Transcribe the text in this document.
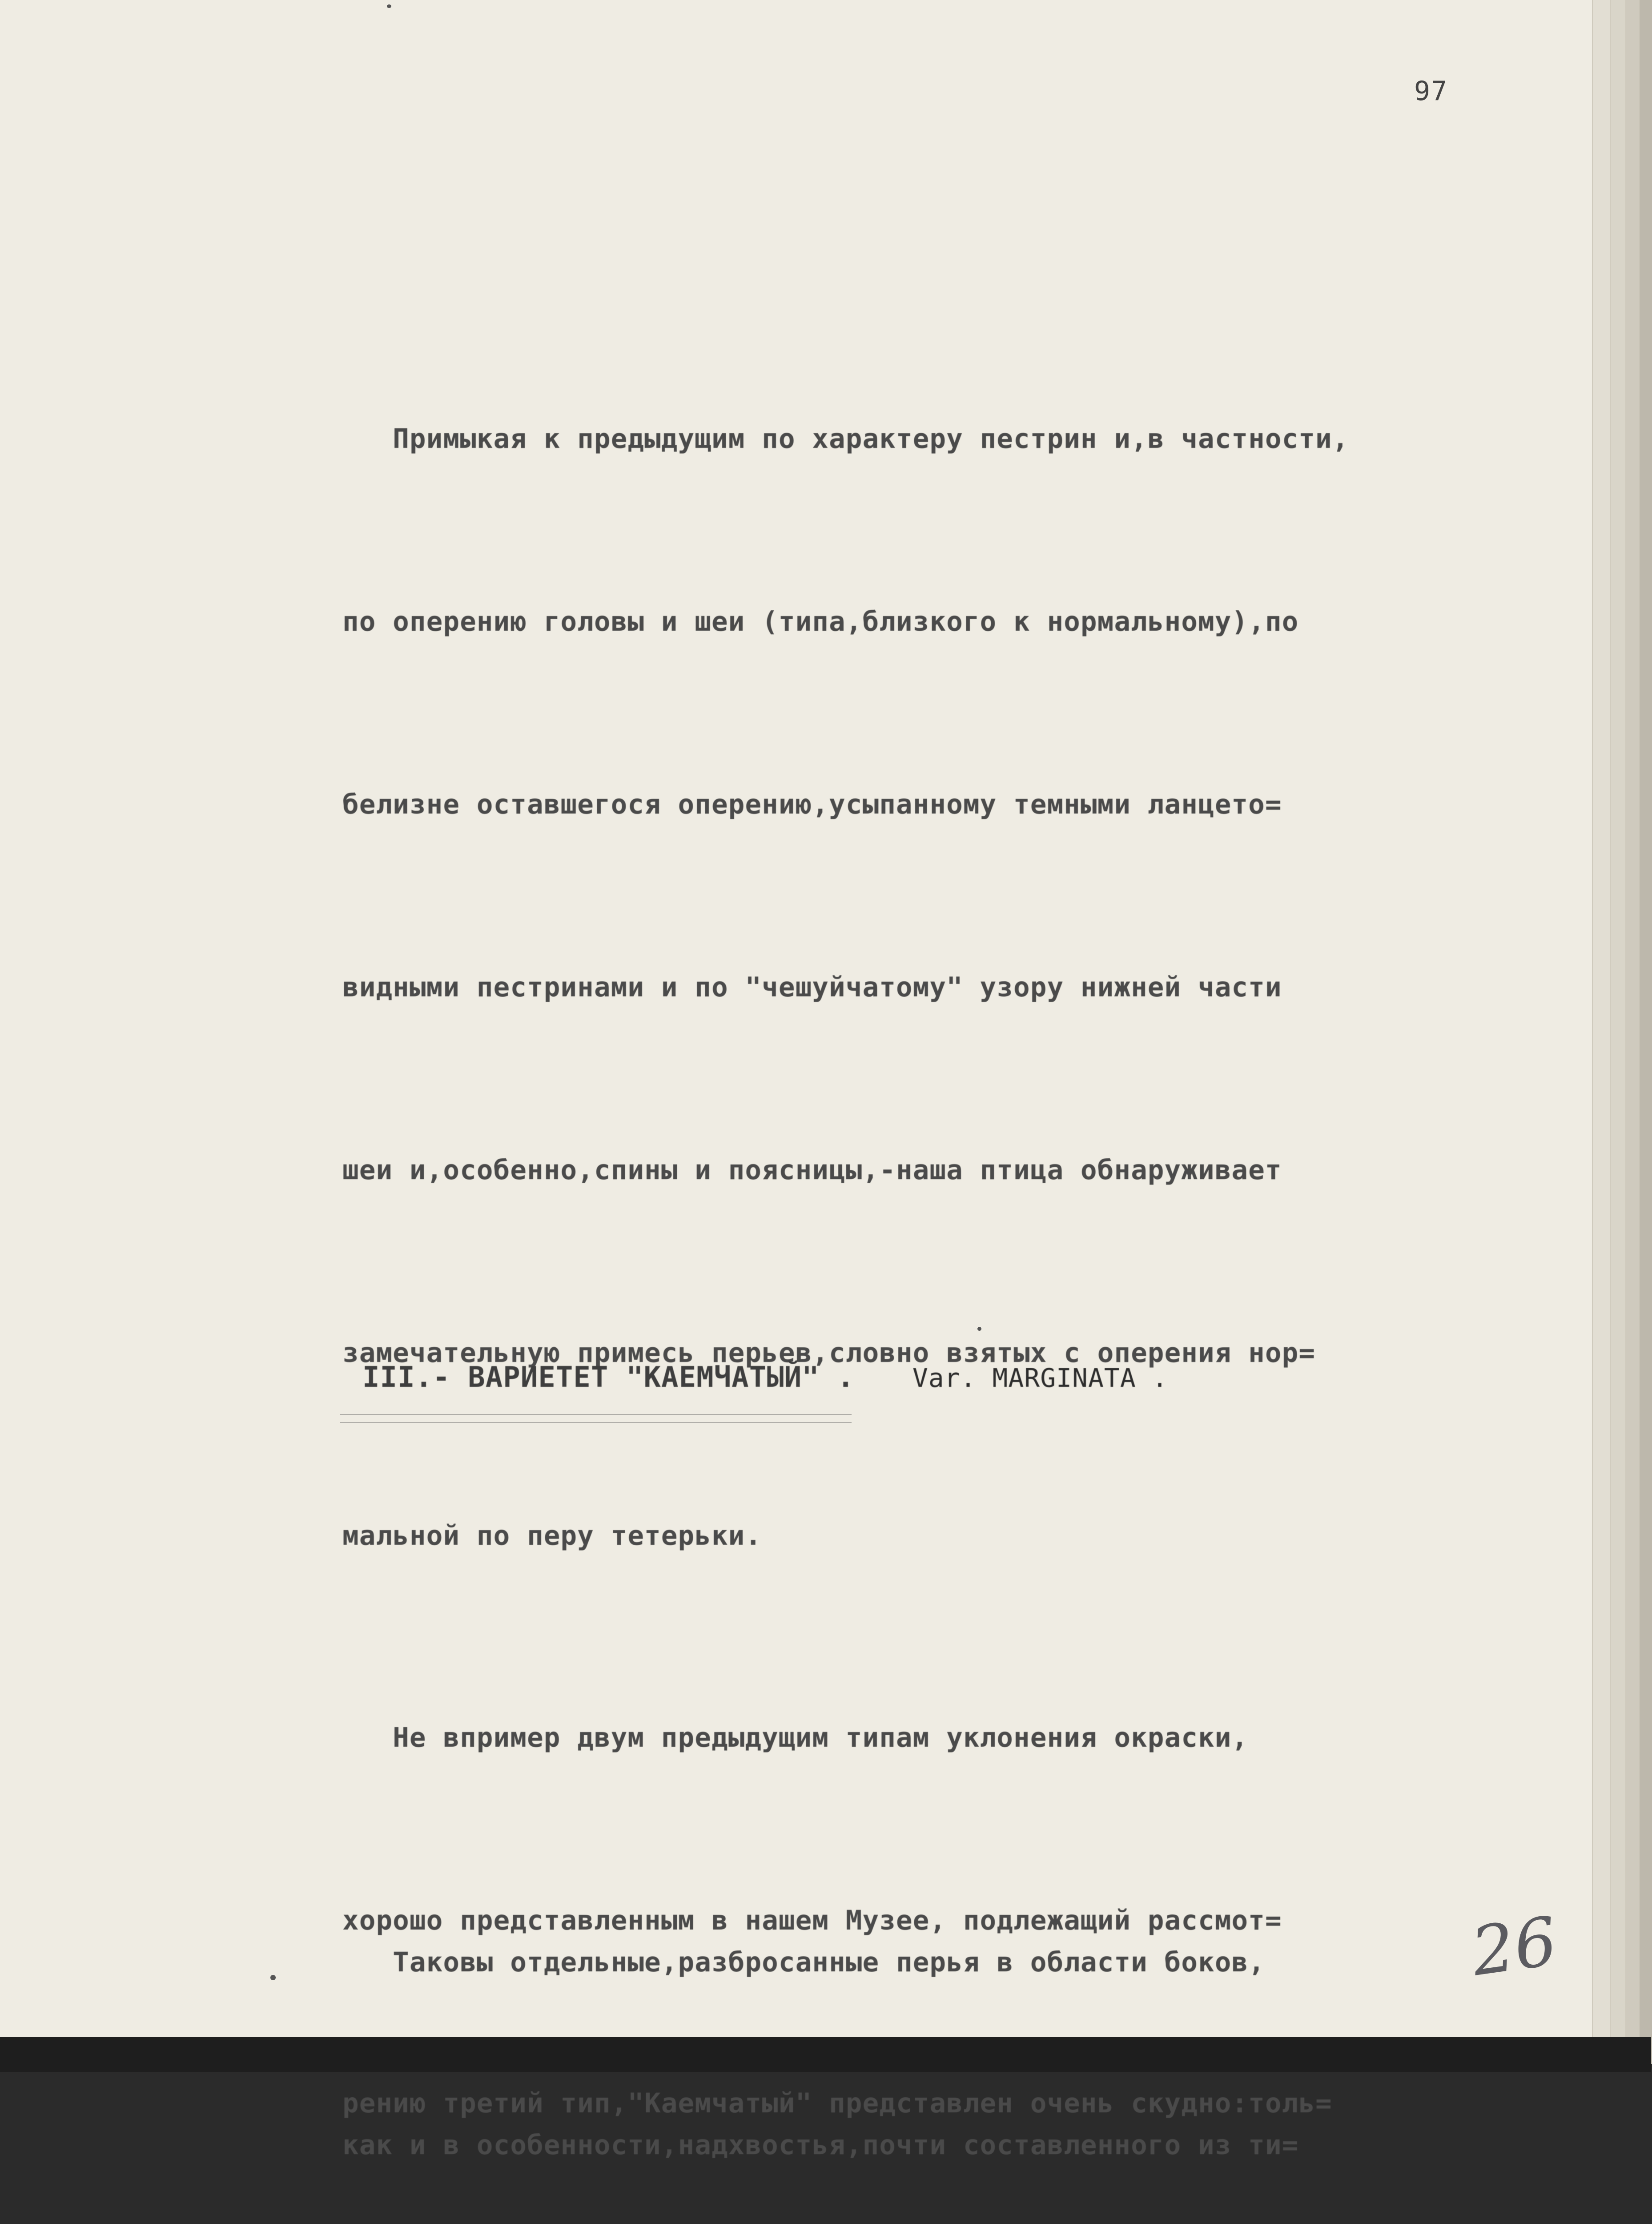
97

Примыкая к предыдущим по характеру пестрин и,в частности,

по оперению головы и шеи (типа,близкого к нормальному),по

белизне оставшегося оперению,усыпанному темными ланцето=

видными пестринами и по "чешуйчатому" узору нижней части

шеи и,особенно,спины и поясницы,-наша птица обнаруживает

замечательную примесь перьев,словно взятых с оперения нор=

мальной по перу тетерьки.

Таковы отдельные,разбросанные перья в области боков,

как и в особенности,надхвостья,почти составленного из ти=

III.- ВАРИЕТЕТ "КАЕМЧАТЫЙ" . Var. MARGINATA .

Не впример двум предыдущим типам уклонения окраски,

хорошо представленным в нашем Музее, подлежащий рассмот=

рению третий тип,"Каемчатый" представлен очень скудно:толь=

26
